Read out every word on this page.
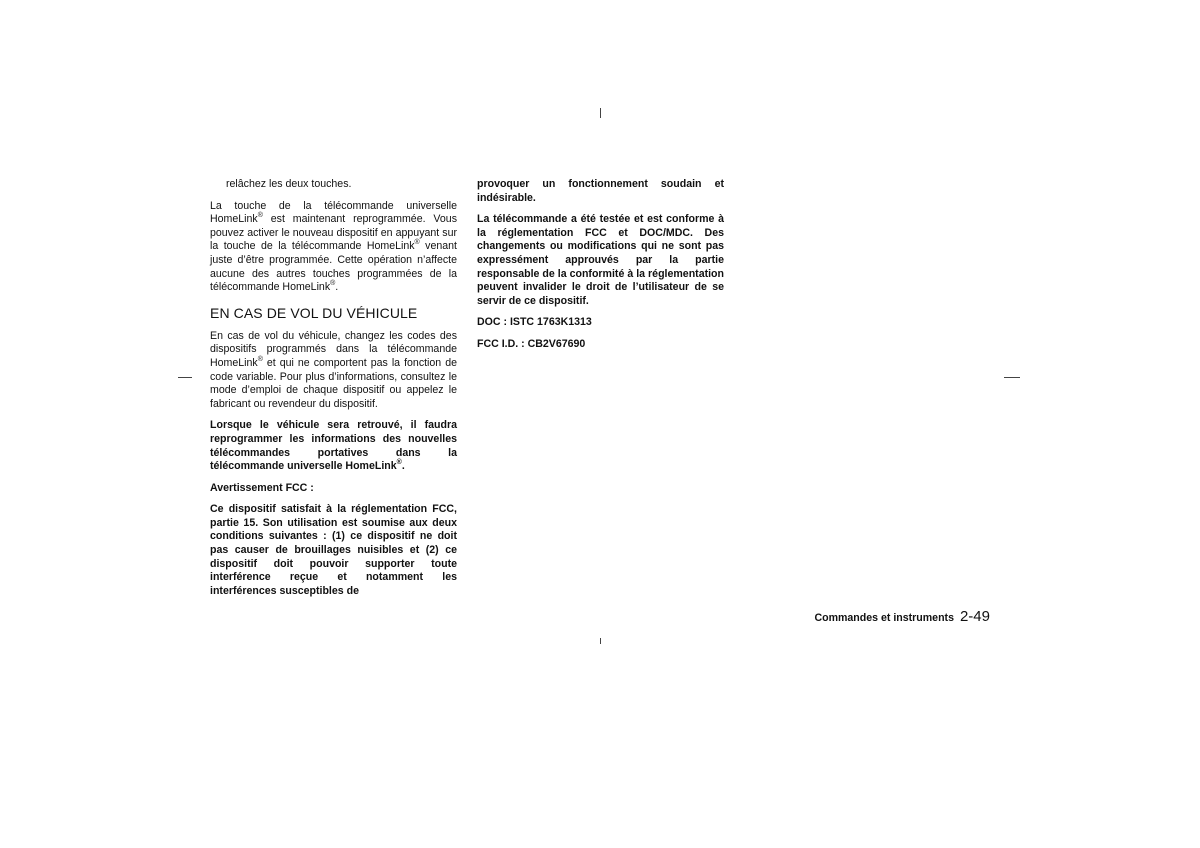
relâchez les deux touches.

La touche de la télécommande universelle HomeLink® est maintenant reprogrammée. Vous pouvez activer le nouveau dispositif en appuyant sur la touche de la télécommande HomeLink® venant juste d’être programmée. Cette opération n’affecte aucune des autres touches programmées de la télécommande HomeLink®.

EN CAS DE VOL DU VÉHICULE

En cas de vol du véhicule, changez les codes des dispositifs programmés dans la télécommande HomeLink® et qui ne comportent pas la fonction de code variable. Pour plus d’informations, consultez le mode d’emploi de chaque dispositif ou appelez le fabricant ou revendeur du dispositif.

Lorsque le véhicule sera retrouvé, il faudra reprogrammer les informations des nouvelles télécommandes portatives dans la télécommande universelle HomeLink®.

Avertissement FCC :

Ce dispositif satisfait à la réglementation FCC, partie 15. Son utilisation est soumise aux deux conditions suivantes : (1) ce dispositif ne doit pas causer de brouillages nuisibles et (2) ce dispositif doit pouvoir supporter toute interférence reçue et notamment les interférences susceptibles de

provoquer un fonctionnement soudain et indésirable.

La télécommande a été testée et est conforme à la réglementation FCC et DOC/MDC. Des changements ou modifications qui ne sont pas expressément approuvés par la partie responsable de la conformité à la réglementation peuvent invalider le droit de l’utilisateur de se servir de ce dispositif.

DOC : ISTC 1763K1313

FCC I.D. : CB2V67690

Commandes et instruments 2-49
